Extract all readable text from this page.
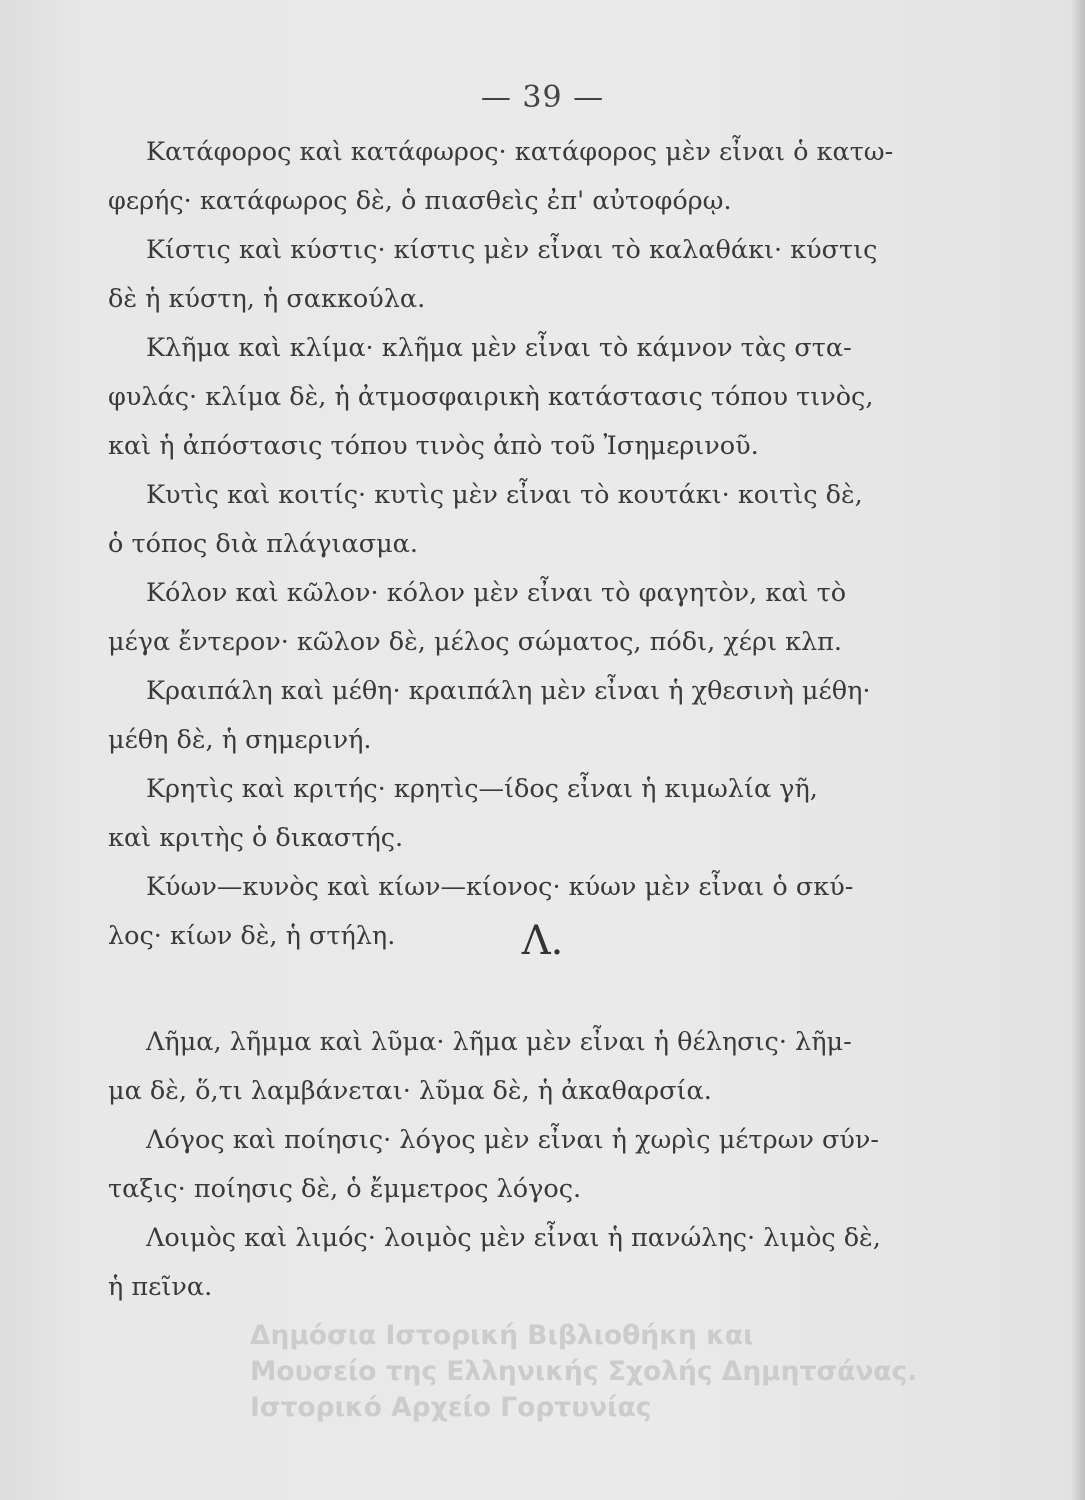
— 39 —
Κατάφορος καὶ κατάφωρος· κατάφορος μὲν εἶναι ὁ κατω-
φερής· κατάφωρος δὲ, ὁ πιασθεὶς ἐπ' αὐτοφόρῳ.
Κίστις καὶ κύστις· κίστις μὲν εἶναι τὸ καλαθάκι· κύστις
δὲ ἡ κύστη, ἡ σακκούλα.
Κλῆμα καὶ κλίμα· κλῆμα μὲν εἶναι τὸ κάμνον τὰς στα-
φυλάς· κλίμα δὲ, ἡ ἀτμοσφαιρικὴ κατάστασις τόπου τινὸς,
καὶ ἡ ἀπόστασις τόπου τινὸς ἀπὸ τοῦ Ἰσημερινοῦ.
Κυτὶς καὶ κοιτίς· κυτὶς μὲν εἶναι τὸ κουτάκι· κοιτὶς δὲ,
ὁ τόπος διὰ πλάγιασμα.
Κόλον καὶ κῶλον· κόλον μὲν εἶναι τὸ φαγητὸν, καὶ τὸ
μέγα ἔντερον· κῶλον δὲ, μέλος σώματος, πόδι, χέρι κλπ.
Κραιπάλη καὶ μέθη· κραιπάλη μὲν εἶναι ἡ χθεσινὴ μέθη·
μέθη δὲ, ἡ σημερινή.
Κρητὶς καὶ κριτής· κρητὶς—ίδος εἶναι ἡ κιμωλία γῆ,
καὶ κριτὴς ὁ δικαστής.
Κύων—κυνὸς καὶ κίων—κίονος· κύων μὲν εἶναι ὁ σκύ-
λος· κίων δὲ, ἡ στήλη.	Λ.
Λῆμα, λῆμμα καὶ λῦμα· λῆμα μὲν εἶναι ἡ θέλησις· λῆμ-
μα δὲ, ὅ,τι λαμβάνεται· λῦμα δὲ, ἡ ἀκαθαρσία.
Λόγος καὶ ποίησις· λόγος μὲν εἶναι ἡ χωρὶς μέτρων σύν-
ταξις· ποίησις δὲ, ὁ ἔμμετρος λόγος.
Λοιμὸς καὶ λιμός· λοιμὸς μὲν εἶναι ἡ πανώλης· λιμὸς δὲ,
ἡ πεῖνα.
Δημόσια Ιστορική Βιβλιοθήκη και
Μουσείο της Ελληνικής Σχολής Δημητσάνας.
Ιστορικό Αρχείο Γορτυνίας
